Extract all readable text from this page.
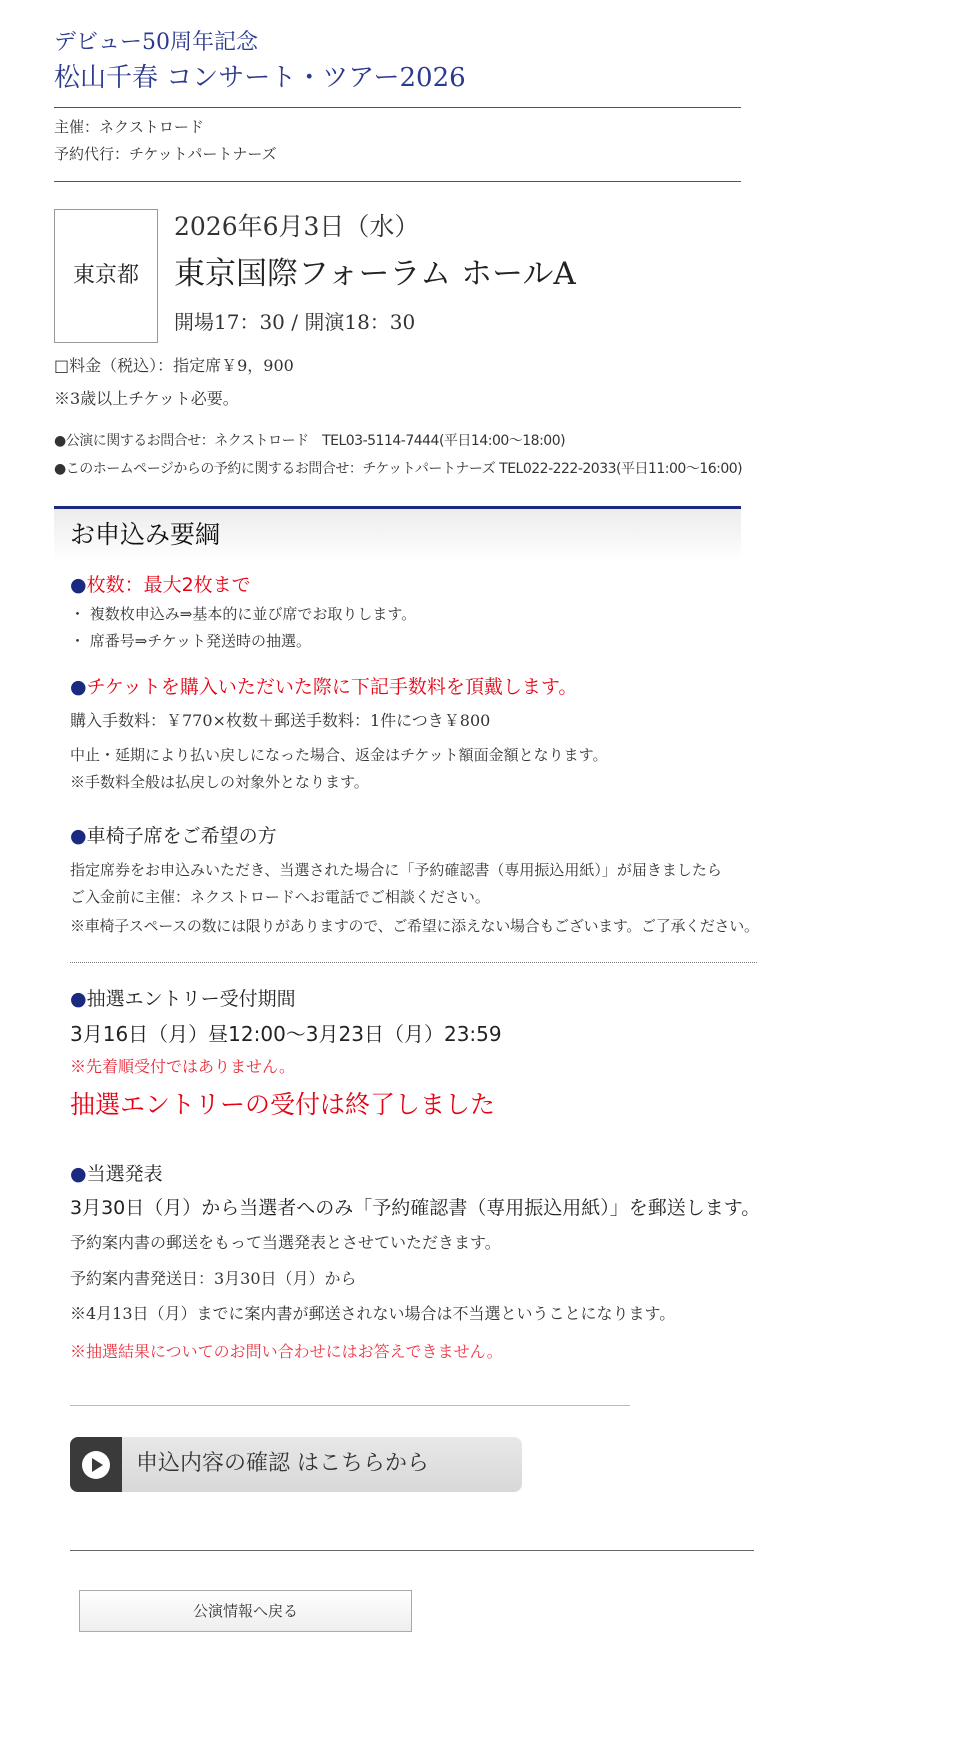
デビュー50周年記念
松山千春 コンサート・ツアー2026
主催：ネクストロード
予約代行：チケットパートナーズ
東京都
2026年6月3日（水）
東京国際フォーラム ホールA
開場17：30 / 開演18：30
□料金（税込）：指定席￥9，900
※3歳以上チケット必要。
●公演に関するお問合せ：ネクストロード　TEL03-5114-7444(平日14:00～18:00)
●このホームページからの予約に関するお問合せ：チケットパートナーズ TEL022-222-2033(平日11:00～16:00)
お申込み要綱
●枚数：最大2枚まで
・ 複数枚申込み⇒基本的に並び席でお取りします。
・ 席番号⇒チケット発送時の抽選。
●チケットを購入いただいた際に下記手数料を頂戴します。
購入手数料：￥770×枚数＋郵送手数料：1件につき￥800
中止・延期により払い戻しになった場合、返金はチケット額面金額となります。
※手数料全般は払戻しの対象外となります。
●車椅子席をご希望の方
指定席券をお申込みいただき、当選された場合に「予約確認書（専用振込用紙）」が届きましたら
ご入金前に主催：ネクストロードへお電話でご相談ください。
※車椅子スペースの数には限りがありますので、ご希望に添えない場合もございます。ご了承ください。
●抽選エントリー受付期間
3月16日（月）昼12:00～3月23日（月）23:59
※先着順受付ではありません。
抽選エントリーの受付は終了しました
●当選発表
3月30日（月）から当選者へのみ「予約確認書（専用振込用紙）」を郵送します。
予約案内書の郵送をもって当選発表とさせていただきます。
予約案内書発送日：3月30日（月）から
※4月13日（月）までに案内書が郵送されない場合は不当選ということになります。
※抽選結果についてのお問い合わせにはお答えできません。
申込内容の確認 はこちらから
公演情報へ戻る
